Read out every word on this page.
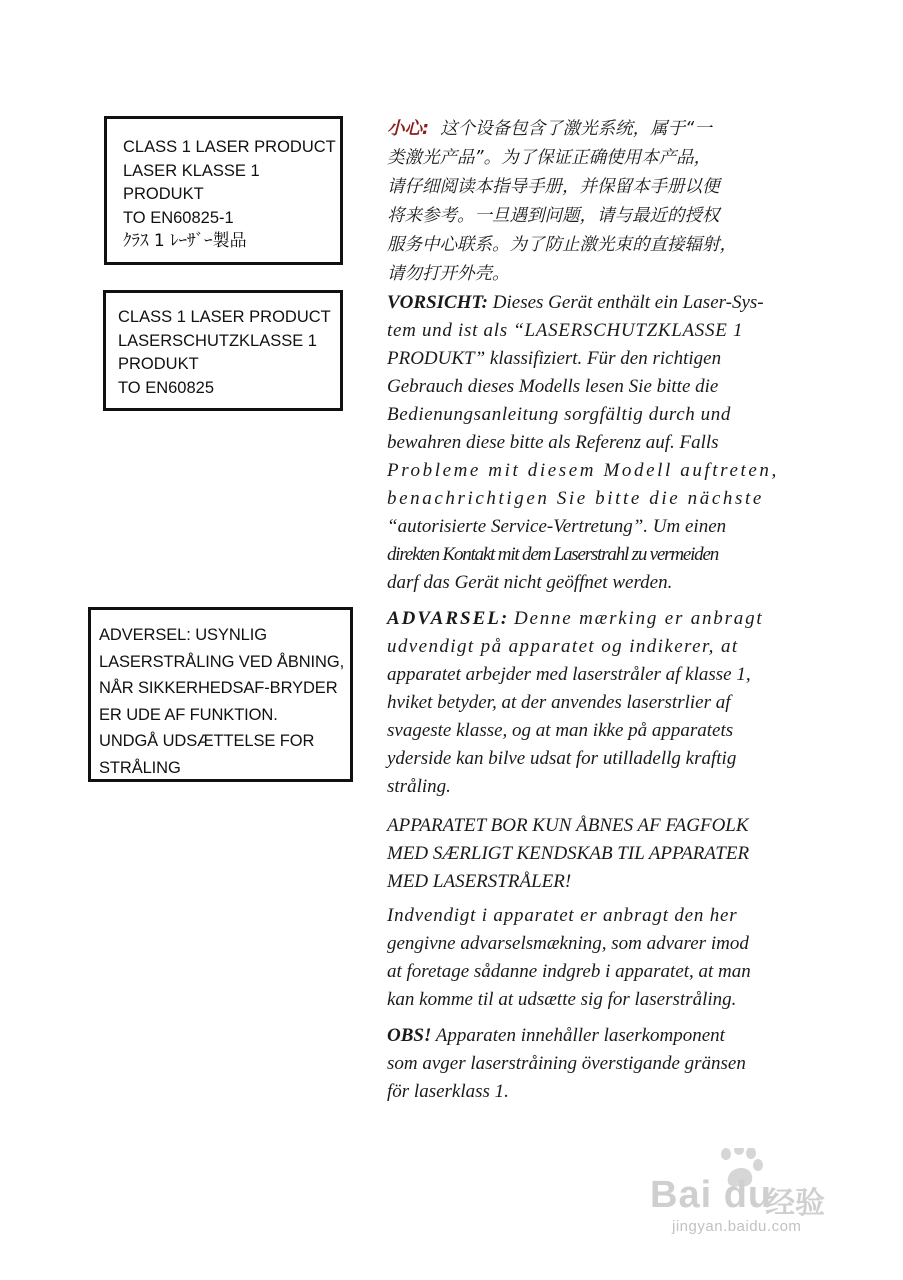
CLASS 1 LASER PRODUCT
LASER KLASSE 1
PRODUKT
TO EN60825-1
ｸﾗｽ 1 ﾚｰｻﾞｰ製品
CLASS 1 LASER PRODUCT
LASERSCHUTZKLASSE 1
PRODUKT
TO EN60825
ADVERSEL: USYNLIG
LASERSTRÅLING VED ÅBNING,
NÅR SIKKERHEDSAF-BRYDER
ER UDE AF FUNKTION.
UNDGÅ UDSÆTTELSE FOR
STRÅLING
小心: 这个设备包含了激光系统，属于“一
类激光产品”。为了保证正确使用本产品，
请仔细阅读本指导手册，并保留本手册以便
将来参考。一旦遇到问题，请与最近的授权
服务中心联系。为了防止激光束的直接辐射，
请勿打开外壳。
VORSICHT: Dieses Gerät enthält ein Laser-Sys-
tem und ist als “LASERSCHUTZKLASSE 1
PRODUKT” klassifiziert. Für den richtigen
Gebrauch dieses Modells lesen Sie bitte die
Bedienungsanleitung sorgfältig durch und
bewahren diese bitte als Referenz auf. Falls
Probleme mit diesem Modell auftreten,
benachrichtigen Sie bitte die nächste
“autorisierte Service-Vertretung”. Um einen
direkten Kontakt mit dem Laserstrahl zu vermeiden
darf das Gerät nicht geöffnet werden.
ADVARSEL: Denne mærking er anbragt
udvendigt på apparatet og indikerer, at
apparatet arbejder med laserstråler af klasse 1,
hviket betyder, at der anvendes laserstrlier af
svageste klasse, og at man ikke på apparatets
yderside kan bilve udsat for utilladellg kraftig
stråling.
APPARATET BOR KUN ÅBNES AF FAGFOLK
MED SÆRLIGT KENDSKAB TIL APPARATER
MED LASERSTRÅLER!
Indvendigt i apparatet er anbragt den her
gengivne advarselsmækning, som advarer imod
at foretage sådanne indgreb i apparatet, at man
kan komme til at udsætte sig for laserstråling.
OBS! Apparaten innehåller laserkomponent
som avger laserstråining överstigande gränsen
för laserklass 1.
Bai du
经验
jingyan.baidu.com
